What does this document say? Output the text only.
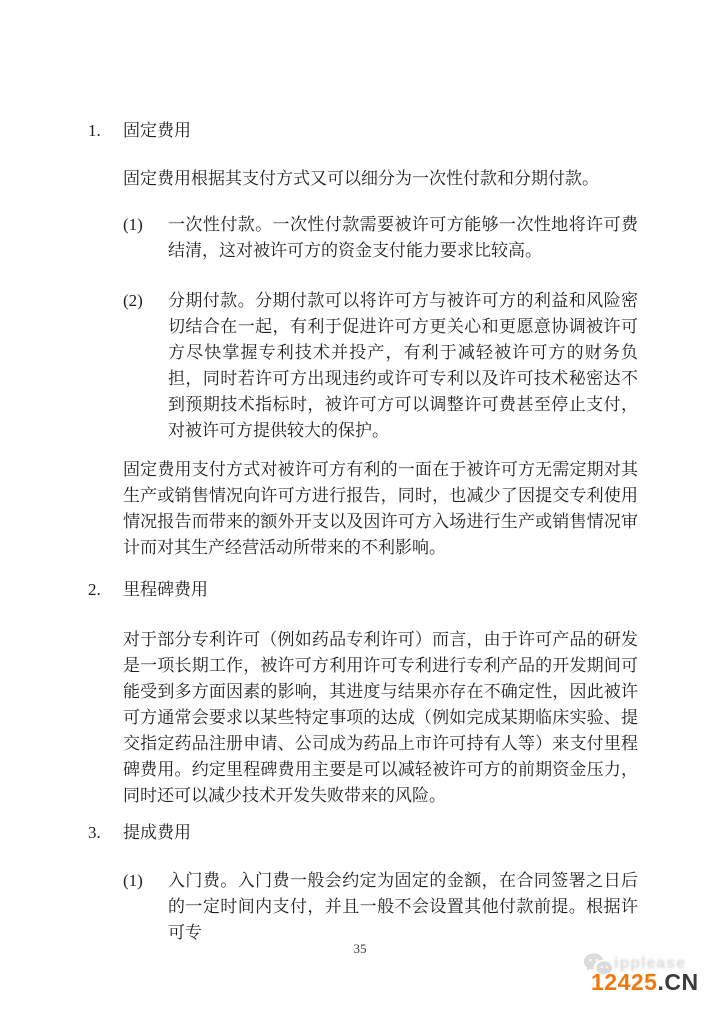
1.	固定费用

固定费用根据其支付方式又可以细分为一次性付款和分期付款。

(1)	一次性付款。一次性付款需要被许可方能够一次性地将许可费结清，这对被许可方的资金支付能力要求比较高。
(2)	分期付款。分期付款可以将许可方与被许可方的利益和风险密切结合在一起，有利于促进许可方更关心和更愿意协调被许可方尽快掌握专利技术并投产，有利于减轻被许可方的财务负担，同时若许可方出现违约或许可专利以及许可技术秘密达不到预期技术指标时，被许可方可以调整许可费甚至停止支付，对被许可方提供较大的保护。

固定费用支付方式对被许可方有利的一面在于被许可方无需定期对其生产或销售情况向许可方进行报告，同时，也减少了因提交专利使用情况报告而带来的额外开支以及因许可方入场进行生产或销售情况审计而对其生产经营活动所带来的不利影响。

2.	里程碑费用

对于部分专利许可（例如药品专利许可）而言，由于许可产品的研发是一项长期工作，被许可方利用许可专利进行专利产品的开发期间可能受到多方面因素的影响，其进度与结果亦存在不确定性，因此被许可方通常会要求以某些特定事项的达成（例如完成某期临床实验、提交指定药品注册申请、公司成为药品上市许可持有人等）来支付里程碑费用。约定里程碑费用主要是可以减轻被许可方的前期资金压力，同时还可以减少技术开发失败带来的风险。

3.	提成费用
(1)	入门费。入门费一般会约定为固定的金额，在合同签署之日后的一定时间内支付，并且一般不会设置其他付款前提。根据许可专
35
ipplease
12425.CN
